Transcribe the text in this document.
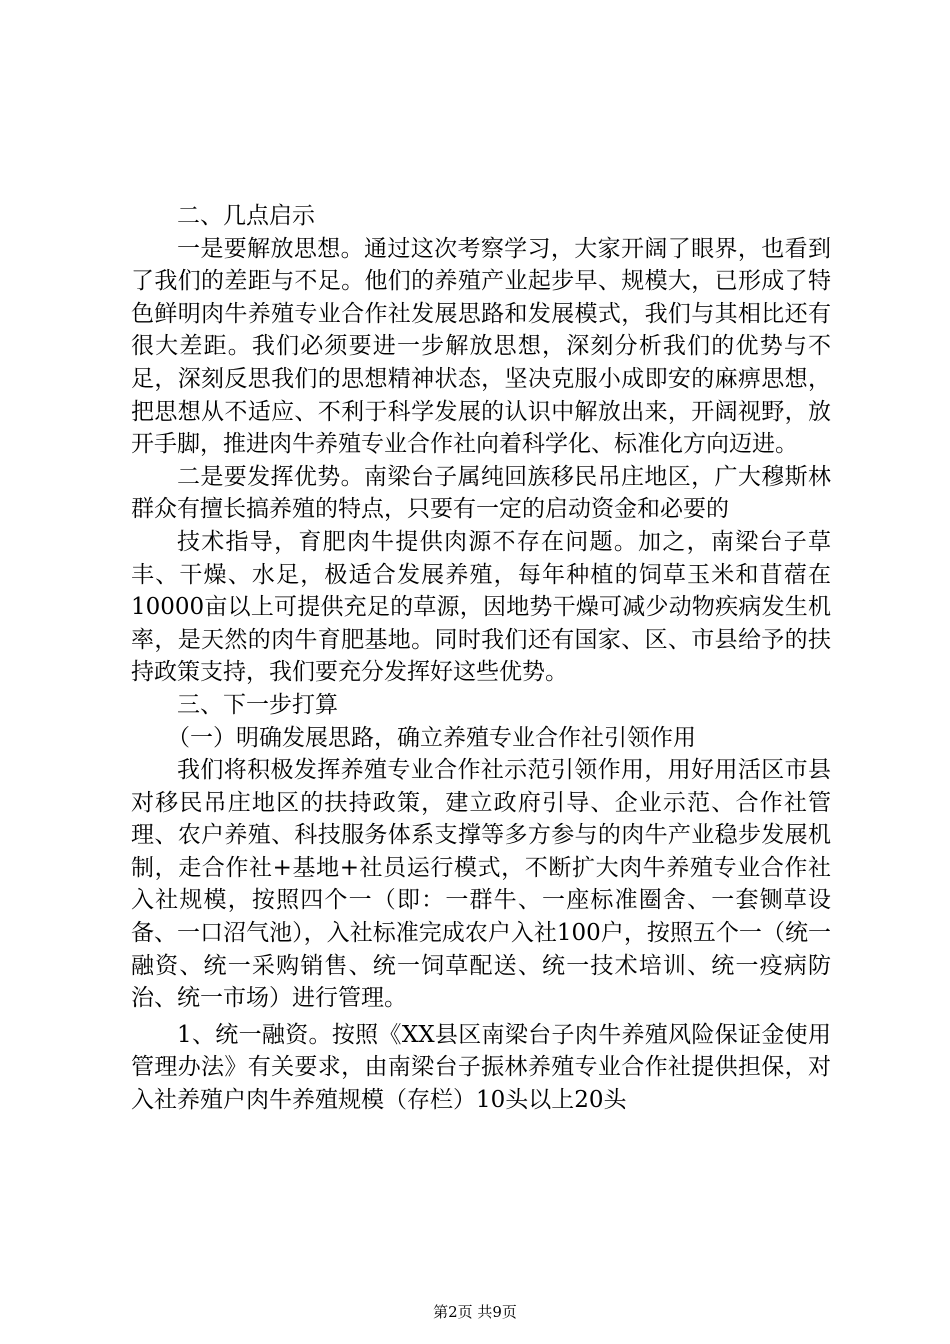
二、几点启示

一是要解放思想。通过这次考察学习，大家开阔了眼界，也看到了我们的差距与不足。他们的养殖产业起步早、规模大，已形成了特色鲜明肉牛养殖专业合作社发展思路和发展模式，我们与其相比还有很大差距。我们必须要进一步解放思想，深刻分析我们的优势与不足，深刻反思我们的思想精神状态，坚决克服小成即安的麻痹思想，把思想从不适应、不利于科学发展的认识中解放出来，开阔视野，放开手脚，推进肉牛养殖专业合作社向着科学化、标准化方向迈进。

二是要发挥优势。南梁台子属纯回族移民吊庄地区，广大穆斯林群众有擅长搞养殖的特点，只要有一定的启动资金和必要的

技术指导，育肥肉牛提供肉源不存在问题。加之，南梁台子草丰、干燥、水足，极适合发展养殖，每年种植的饲草玉米和苜蓿在10000亩以上可提供充足的草源，因地势干燥可减少动物疾病发生机率，是天然的肉牛育肥基地。同时我们还有国家、区、市县给予的扶持政策支持，我们要充分发挥好这些优势。

三、下一步打算

（一）明确发展思路，确立养殖专业合作社引领作用

我们将积极发挥养殖专业合作社示范引领作用，用好用活区市县对移民吊庄地区的扶持政策，建立政府引导、企业示范、合作社管理、农户养殖、科技服务体系支撑等多方参与的肉牛产业稳步发展机制，走合作社+基地+社员运行模式，不断扩大肉牛养殖专业合作社入社规模，按照四个一（即：一群牛、一座标准圈舍、一套铡草设备、一口沼气池），入社标准完成农户入社100户，按照五个一（统一融资、统一采购销售、统一饲草配送、统一技术培训、统一疫病防治、统一市场）进行管理。

1、统一融资。按照《XX县区南梁台子肉牛养殖风险保证金使用管理办法》有关要求，由南梁台子振林养殖专业合作社提供担保，对入社养殖户肉牛养殖规模（存栏）10头以上20头

第2页 共9页
